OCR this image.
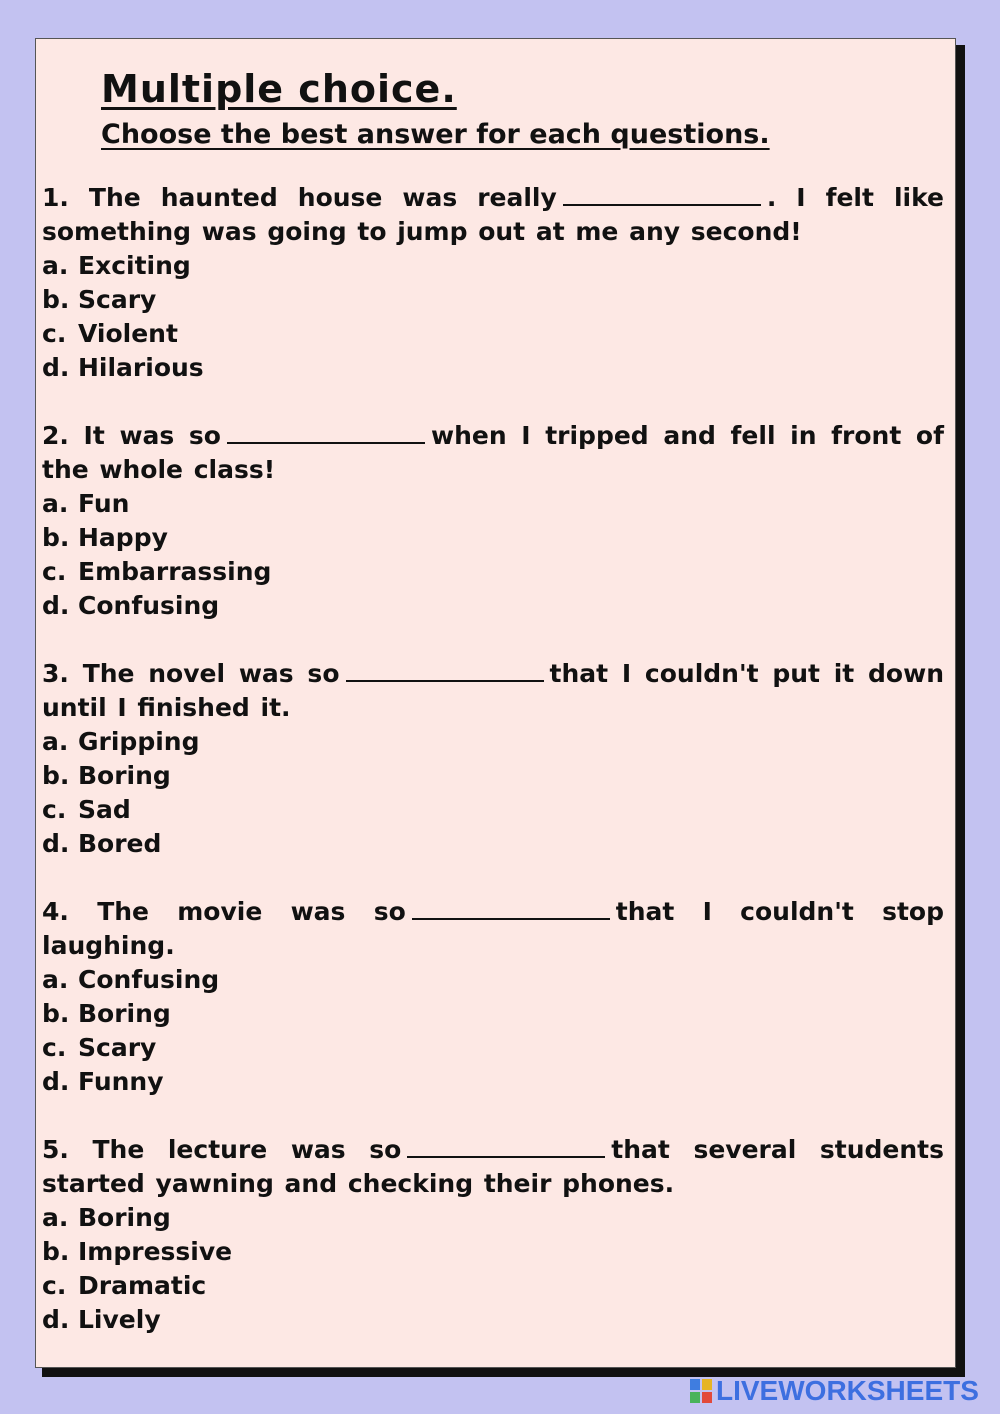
Multiple choice.
Choose the best answer for each questions.

1. The haunted house was really	. I felt like something was going to jump out at me any second!

a. Exciting
b. Scary
c. Violent
d. Hilarious

2. It was so	when I tripped and fell in front of the whole class!

a. Fun
b. Happy
c. Embarrassing
d. Confusing

3. The novel was so	that I couldn't put it down until I finished it.

a. Gripping
b. Boring
c. Sad
d. Bored

4. The movie was so	that I couldn't stop laughing.

a. Confusing
b. Boring
c. Scary
d. Funny

5. The lecture was so	that several students started yawning and checking their phones.

a. Boring
b. Impressive
c. Dramatic
d. Lively
LIVEWORKSHEETS
